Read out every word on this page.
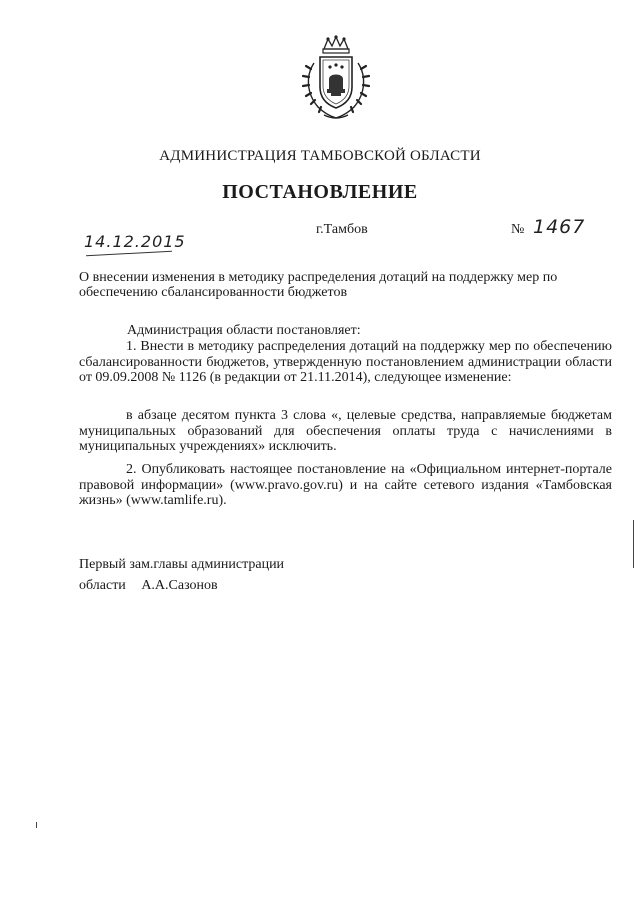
АДМИНИСТРАЦИЯ ТАМБОВСКОЙ ОБЛАСТИ
ПОСТАНОВЛЕНИЕ
14.12.2015
г.Тамбов	№ 1467
О внесении изменения в методику распределения дотаций на поддержку мер по обеспечению сбалансированности бюджетов
Администрация области постановляет:
1. Внести в методику распределения дотаций на поддержку мер по обеспечению сбалансированности бюджетов, утвержденную постановлением администрации области от 09.09.2008 № 1126 (в редакции от 21.11.2014), следующее изменение:
в абзаце десятом пункта 3 слова «, целевые средства, направляемые бюджетам муниципальных образований для обеспечения оплаты труда с начислениями в муниципальных учреждениях» исключить.
2. Опубликовать настоящее постановление на «Официальном интернет-портале правовой информации» (www.pravo.gov.ru) и на сайте сетевого издания «Тамбовская жизнь» (www.tamlife.ru).
Первый зам.главы администрации
области А.А.Сазонов
